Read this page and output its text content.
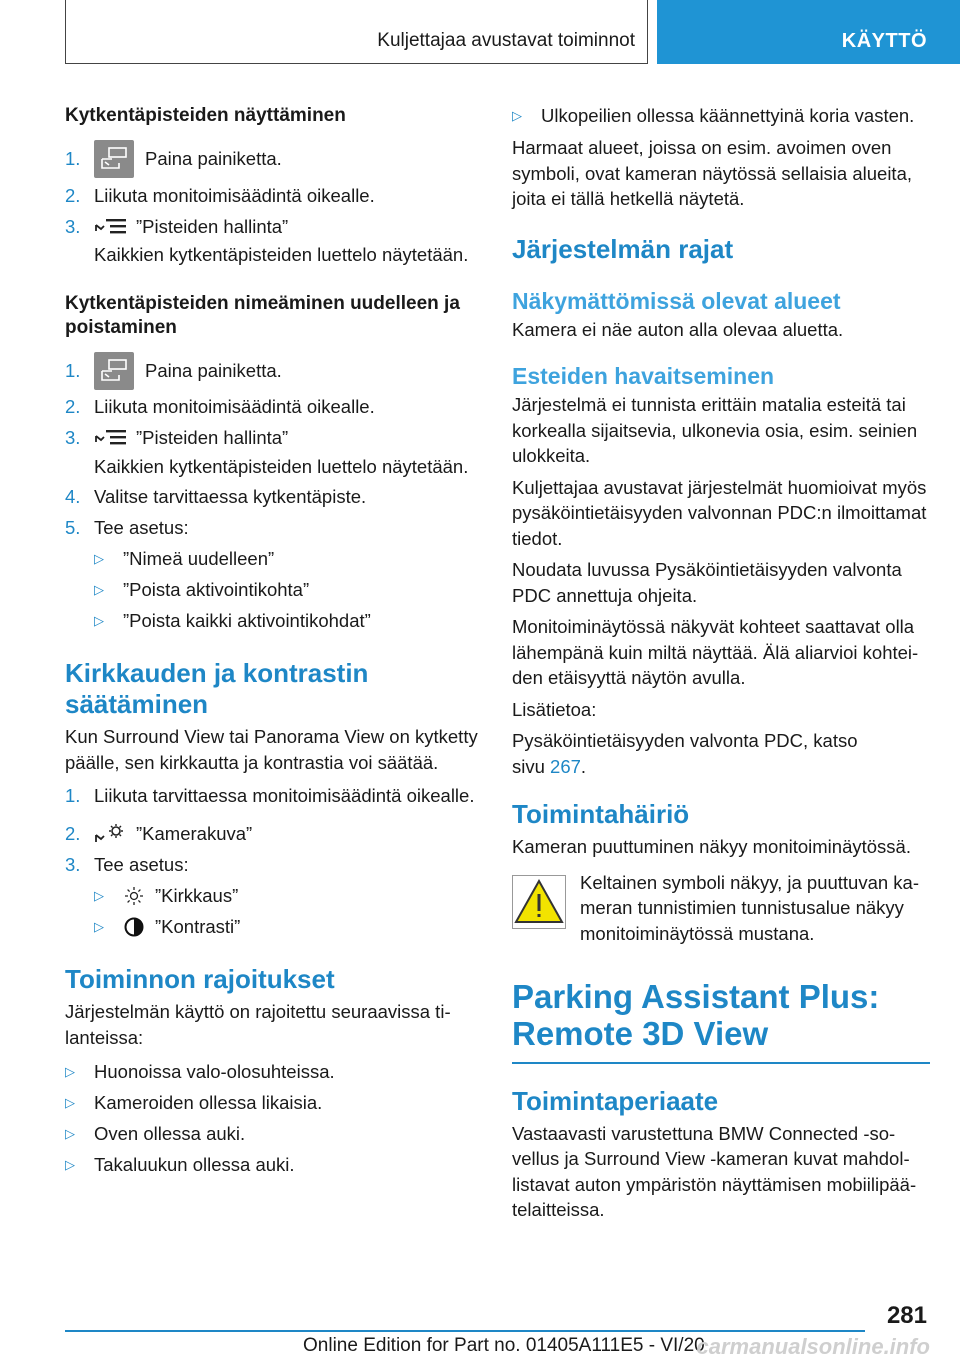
Kuljettajaa avustavat toiminnot	KÄYTTÖ

Kytkentäpisteiden näyttäminen

1.	Paina painiketta.
2. Liikuta monitoimisäädintä oikealle.
3.	”Pisteiden hallinta”

Kaikkien kytkentäpisteiden luettelo näytetään.

Kytkentäpisteiden nimeäminen uudelleen ja poistaminen

1.	Paina painiketta.
2. Liikuta monitoimisäädintä oikealle.
3.	”Pisteiden hallinta”

Kaikkien kytkentäpisteiden luettelo näytetään.

4. Valitse tarvittaessa kytkentäpiste.
5. Tee asetus:
▷	”Nimeä uudelleen”
▷	”Poista aktivointikohta”
▷	”Poista kaikki aktivointikohdat”

Kirkkauden ja kontrastin säätäminen

Kun Surround View tai Panorama View on kytketty päälle, sen kirkkautta ja kontrastia voi säätää.

1. Liikuta tarvittaessa monitoimisäädintä oikealle.
2.	”Kamerakuva”
3. Tee asetus:
▷	”Kirkkaus”
▷	”Kontrasti”

Toiminnon rajoitukset

Järjestelmän käyttö on rajoitettu seuraavissa tilanteissa:

▷	Huonoissa valo-olosuhteissa.
▷	Kameroiden ollessa likaisia.
▷	Oven ollessa auki.
▷	Takaluukun ollessa auki.
▷	Ulkopeilien ollessa käännettyinä koria vasten.

Harmaat alueet, joissa on esim. avoimen oven symboli, ovat kameran näytössä sellaisia alueita, joita ei tällä hetkellä näytetä.

Järjestelmän rajat

Näkymättömissä olevat alueet

Kamera ei näe auton alla olevaa aluetta.

Esteiden havaitseminen

Järjestelmä ei tunnista erittäin matalia esteitä tai korkealla sijaitsevia, ulkonevia osia, esim. seinien ulokkeita.

Kuljettajaa avustavat järjestelmät huomioivat myös pysäköintietäisyyden valvonnan PDC:n ilmoittamat tiedot.

Noudata luvussa Pysäköintietäisyyden valvonta PDC annettuja ohjeita.

Monitoiminäytössä näkyvät kohteet saattavat olla lähempänä kuin miltä näyttää. Älä aliarvioi kohteiden etäisyyttä näytön avulla.

Lisätietoa:

Pysäköintietäisyyden valvonta PDC, katso
sivu 267.

Toimintahäiriö

Kameran puuttuminen näkyy monitoiminäytössä.

Keltainen symboli näkyy, ja puuttuvan kameran tunnistimien tunnistusalue näkyy monitoiminäytössä mustana.

Parking Assistant Plus: Remote 3D View

Toimintaperiaate

Vastaavasti varustettuna BMW Connected -sovellus ja Surround View -kameran kuvat mahdollistavat auton ympäristön näyttämisen mobiilipäätelaitteissa.

281
Online Edition for Part no. 01405A111E5 - VI/20
carmanualsonline.info
